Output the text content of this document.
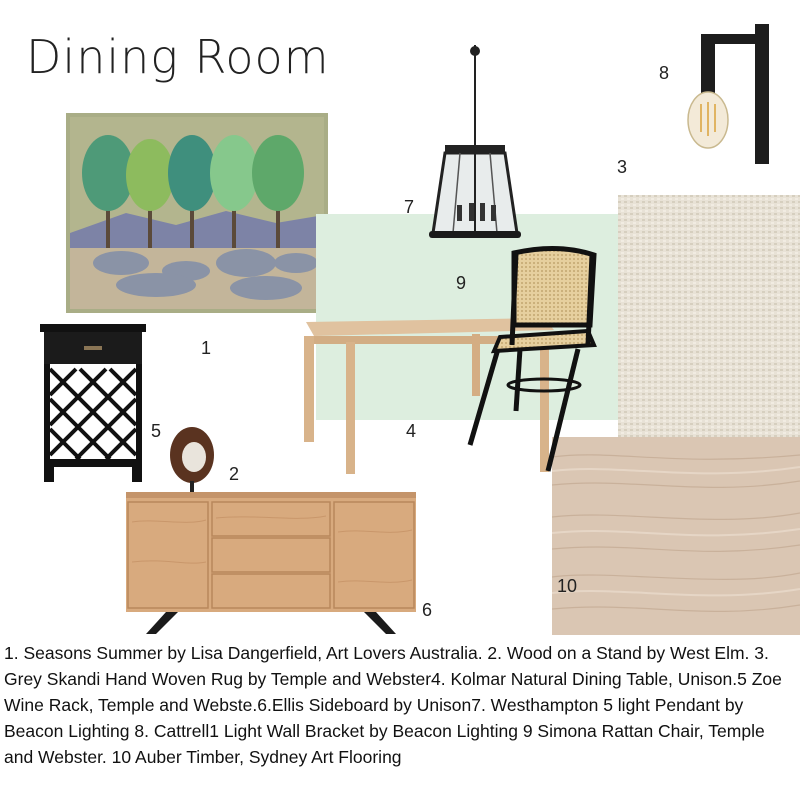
Dining Room
1
2
3
4
5
6
7
8
9
10
1. Seasons Summer by Lisa Dangerfield, Art Lovers Australia. 2. Wood on a Stand by West Elm. 3. Grey Skandi Hand Woven Rug by Temple and Webster4. Kolmar Natural Dining Table, Unison.5 Zoe Wine Rack, Temple and Webste.6.Ellis Sideboard by Unison7. Westhampton 5 light Pendant by Beacon Lighting 8. Cattrell1 Light Wall Bracket by Beacon Lighting 9 Simona Rattan Chair, Temple and Webster. 10 Auber Timber, Sydney Art Flooring
